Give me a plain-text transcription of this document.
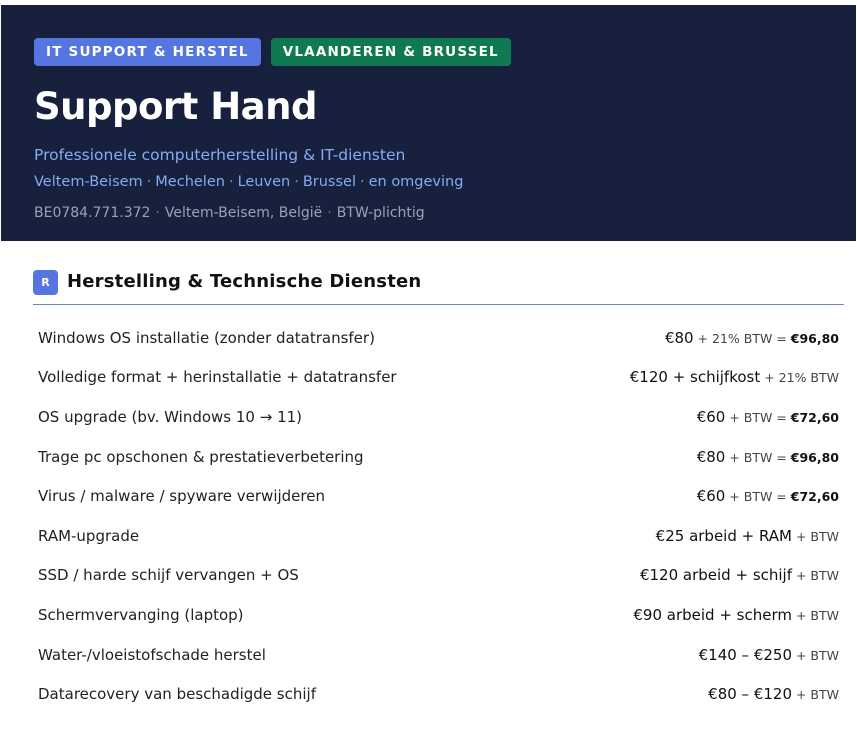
IT SUPPORT & HERSTEL	VLAANDEREN & BRUSSEL
Support Hand
Professionele computerherstelling & IT-diensten
Veltem-Beisem · Mechelen · Leuven · Brussel · en omgeving
BE0784.771.372 · Veltem-Beisem, België · BTW-plichtig
R Herstelling & Technische Diensten
Windows OS installatie (zonder datatransfer)	€80 + 21% BTW = €96,80
Volledige format + herinstallatie + datatransfer	€120 + schijfkost + 21% BTW
OS upgrade (bv. Windows 10 → 11)	€60 + BTW = €72,60
Trage pc opschonen & prestatieverbetering	€80 + BTW = €96,80
Virus / malware / spyware verwijderen	€60 + BTW = €72,60
RAM-upgrade	€25 arbeid + RAM + BTW
SSD / harde schijf vervangen + OS	€120 arbeid + schijf + BTW
Schermvervanging (laptop)	€90 arbeid + scherm + BTW
Water-/vloeistofschade herstel	€140 – €250 + BTW
Datarecovery van beschadigde schijf	€80 – €120 + BTW
